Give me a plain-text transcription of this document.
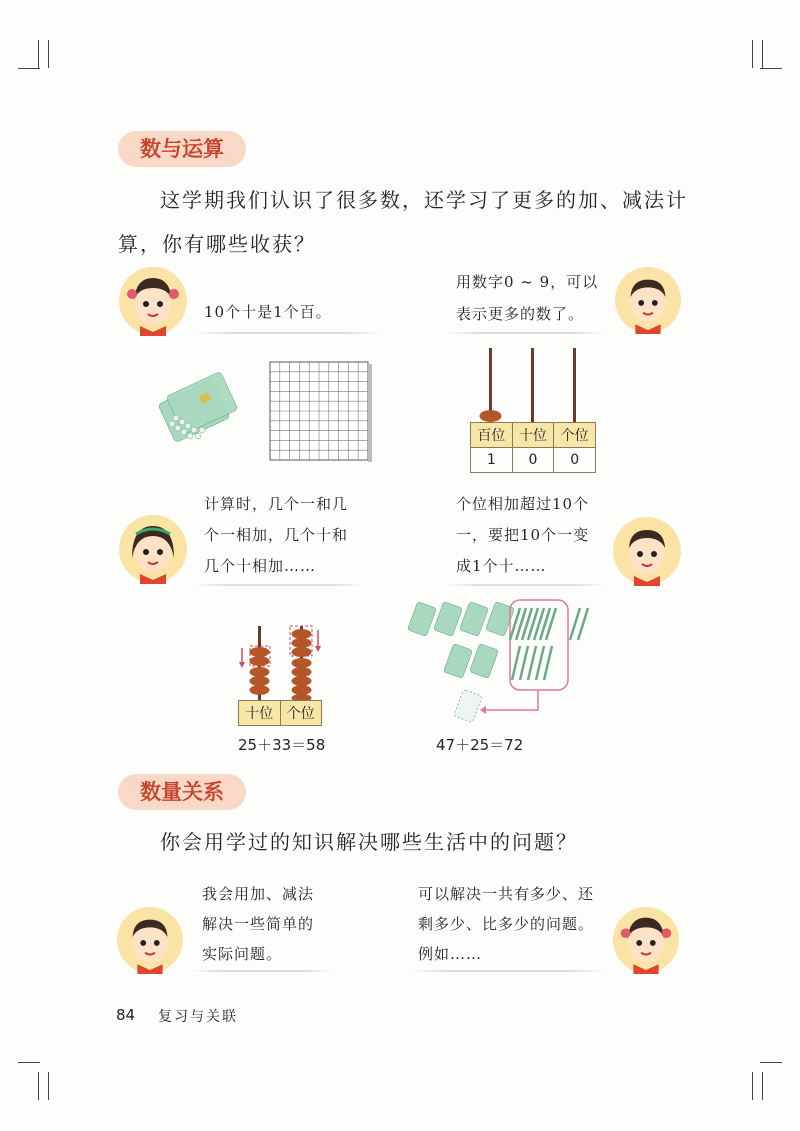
数与运算
这学期我们认识了很多数，还学习了更多的加、减法计
算，你有哪些收获？
10个十是1个百。
用数字0 ~ 9，可以
表示更多的数了。
百位	十位	个位
1	0	0
计算时，几个一和几
个一相加，几个十和
几个十相加……
个位相加超过10个
一，要把10个一变
成1个十……
十位	个位
25＋33＝58	47＋25＝72
数量关系
你会用学过的知识解决哪些生活中的问题？
我会用加、减法
解决一些简单的
实际问题。
可以解决一共有多少、还
剩多少、比多少的问题。
例如……
84 复习与关联
